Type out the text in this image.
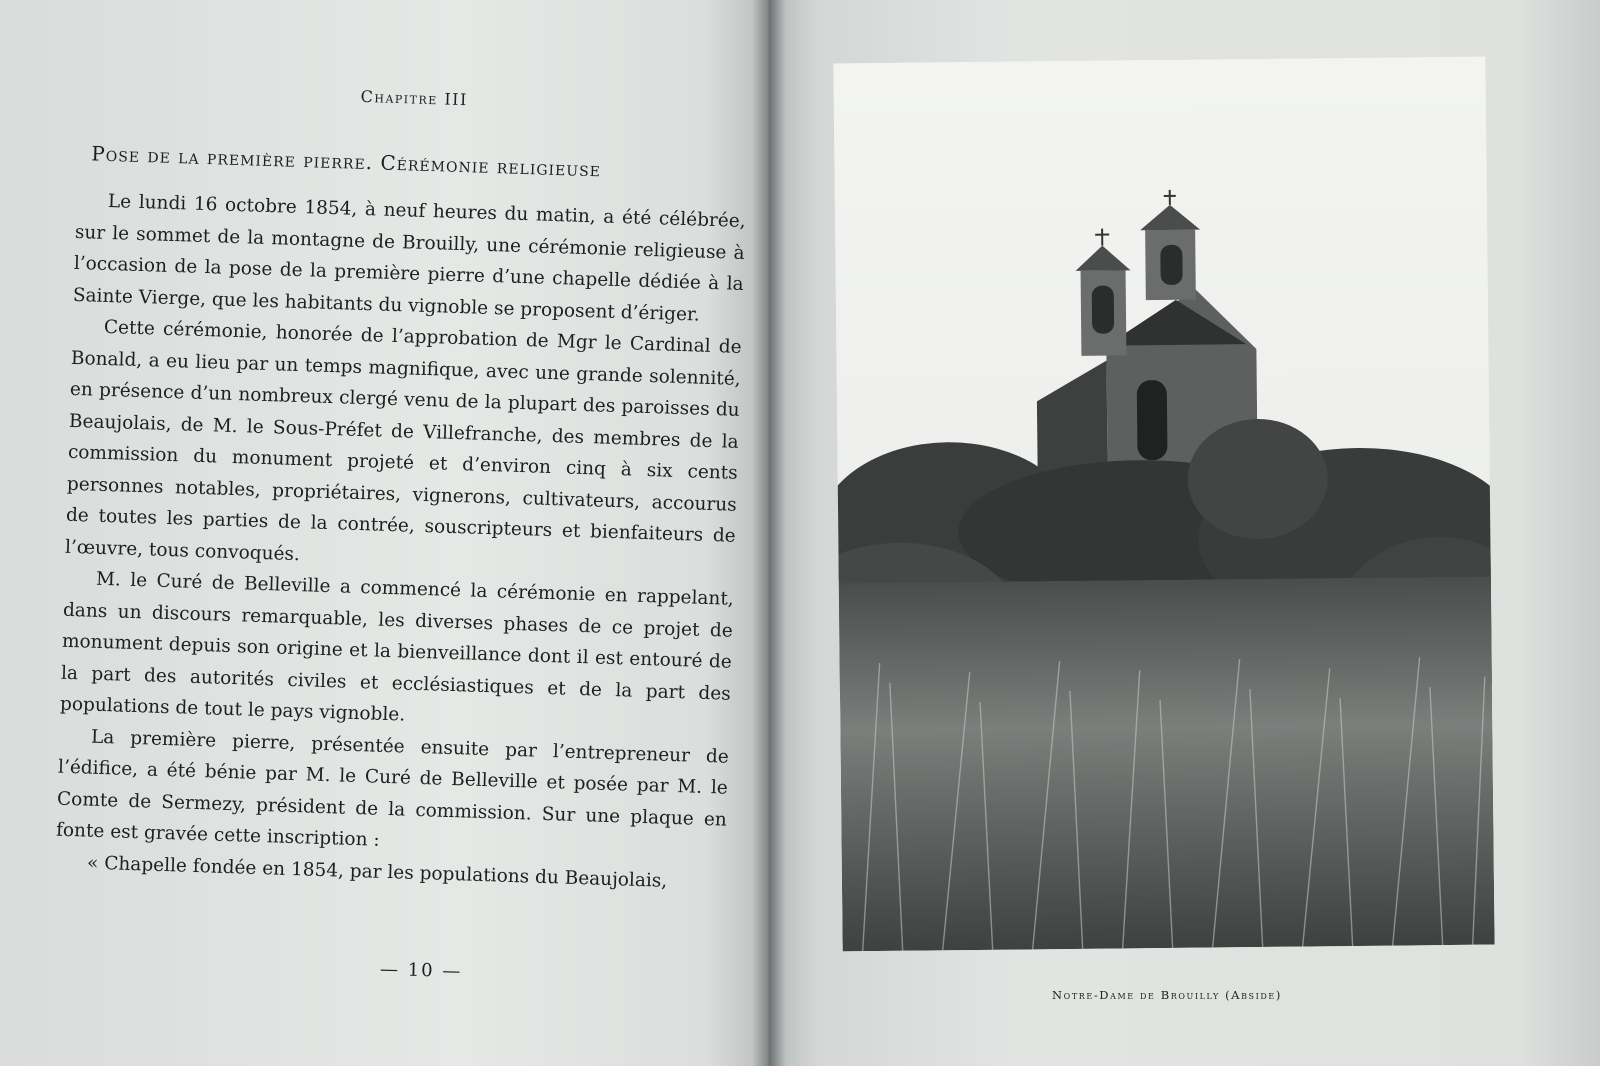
Chapitre III
Pose de la première pierre. Cérémonie religieuse

Le lundi 16 octobre 1854, à neuf heures du matin, a été célébrée, sur le sommet de la montagne de Brouilly, une cérémonie religieuse à l’occasion de la pose de la première pierre d’une chapelle dédiée à la Sainte Vierge, que les habitants du vignoble se proposent d’ériger.

Cette cérémonie, honorée de l’approbation de Mgr le Cardinal de Bonald, a eu lieu par un temps magnifique, avec une grande solennité, en présence d’un nombreux clergé venu de la plupart des paroisses du Beaujolais, de M. le Sous-Préfet de Villefranche, des membres de la commission du monument projeté et d’environ cinq à six cents personnes notables, propriétaires, vignerons, cultivateurs, accourus de toutes les parties de la contrée, souscripteurs et bienfaiteurs de l’œuvre, tous convoqués.

M. le Curé de Belleville a commencé la cérémonie en rappelant, dans un discours remarquable, les diverses phases de ce projet de monument depuis son origine et la bienveillance dont il est entouré de la part des autorités civiles et ecclésiastiques et de la part des populations de tout le pays vignoble.

La première pierre, présentée ensuite par l’entrepreneur de l’édifice, a été bénie par M. le Curé de Belleville et posée par M. le Comte de Sermezy, président de la commission. Sur une plaque en fonte est gravée cette inscription :

« Chapelle fondée en 1854, par les populations du Beaujolais,

— 10 —
Notre-Dame de Brouilly (Abside)
